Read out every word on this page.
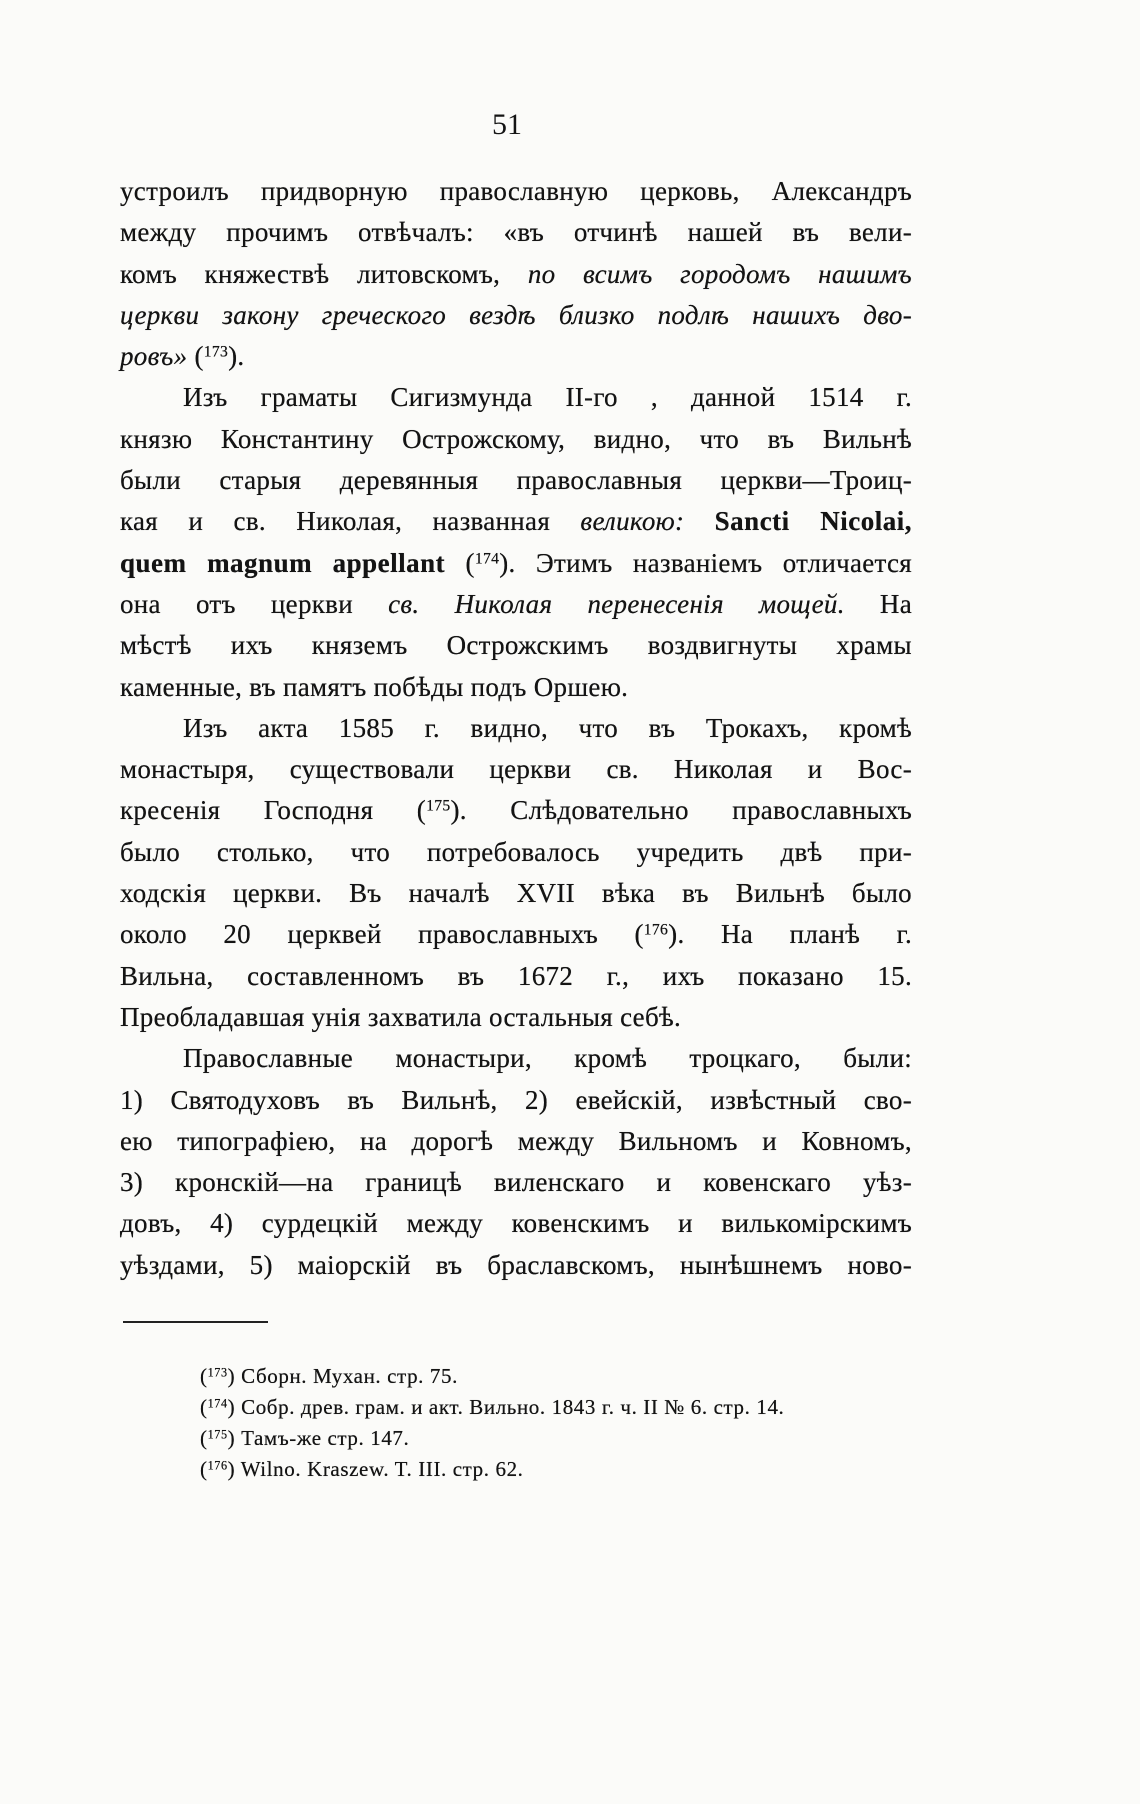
51
устроилъ придворную православную церковь, Александръ
между прочимъ отвѣчалъ: «въ отчинѣ нашей въ вели-
комъ княжествѣ литовскомъ, по всимъ городомъ нашимъ
церкви закону греческого вездѣ близко подлѣ нашихъ дво-
ровъ» ($^{173}$).
Изъ граматы Сигизмунда II-го , данной 1514 г.
князю Константину Острожскому, видно, что въ Вильнѣ
были старыя деревянныя православныя церкви—Троиц-
кая и св. Николая, названная великою: Sancti Nicolai,
quem magnum appellant ($^{174}$). Этимъ названіемъ отличается
она отъ церкви св. Николая перенесенія мощей. На
мѣстѣ ихъ княземъ Острожскимъ воздвигнуты храмы
каменные, въ памятъ побѣды подъ Оршею.
Изъ акта 1585 г. видно, что въ Трокахъ, кромѣ
монастыря, существовали церкви св. Николая и Вос-
кресенія Господня ($^{175}$). Слѣдовательно православныхъ
было столько, что потребовалось учредить двѣ при-
ходскія церкви. Въ началѣ XVII вѣка въ Вильнѣ было
около 20 церквей православныхъ ($^{176}$). На планѣ г.
Вильна, составленномъ въ 1672 г., ихъ показано 15.
Преобладавшая унія захватила остальныя себѣ.
Православные монастыри, кромѣ троцкаго, были:
1) Святодуховъ въ Вильнѣ, 2) евейскій, извѣстный сво-
ею типографіею, на дорогѣ между Вильномъ и Ковномъ,
3) кронскій—на границѣ виленскаго и ковенскаго уѣз-
довъ, 4) сурдецкій между ковенскимъ и вилькомірскимъ
уѣздами, 5) маіорскій въ браславскомъ, нынѣшнемъ ново-
($^{173}$) Сборн. Мухан. стр. 75.
($^{174}$) Собр. древ. грам. и акт. Вильно. 1843 г. ч. II № 6. стр. 14.
($^{175}$) Тамъ-же стр. 147.
($^{176}$) Wilno. Kraszew. T. III. стр. 62.
